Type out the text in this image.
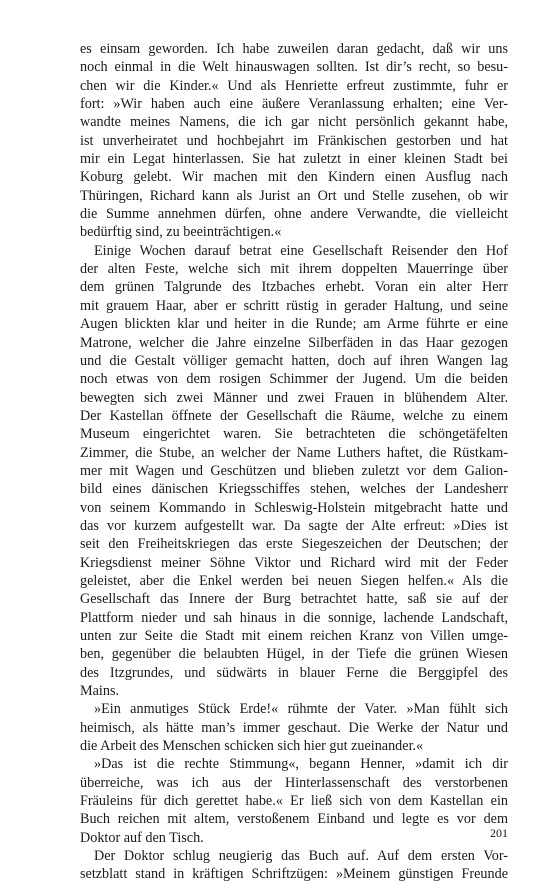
es einsam geworden. Ich habe zuweilen daran gedacht, daß wir uns
noch einmal in die Welt hinauswagen sollten. Ist dir’s recht, so besu-
chen wir die Kinder.« Und als Henriette erfreut zustimmte, fuhr er
fort: »Wir haben auch eine äußere Veranlassung erhalten; eine Ver-
wandte meines Namens, die ich gar nicht persönlich gekannt habe,
ist unverheiratet und hochbejahrt im Fränkischen gestorben und hat
mir ein Legat hinterlassen. Sie hat zuletzt in einer kleinen Stadt bei
Koburg gelebt. Wir machen mit den Kindern einen Ausflug nach
Thüringen, Richard kann als Jurist an Ort und Stelle zusehen, ob wir
die Summe annehmen dürfen, ohne andere Verwandte, die vielleicht
bedürftig sind, zu beeinträchtigen.«
Einige Wochen darauf betrat eine Gesellschaft Reisender den Hof
der alten Feste, welche sich mit ihrem doppelten Mauerringe über
dem grünen Talgrunde des Itzbaches erhebt. Voran ein alter Herr
mit grauem Haar, aber er schritt rüstig in gerader Haltung, und seine
Augen blickten klar und heiter in die Runde; am Arme führte er eine
Matrone, welcher die Jahre einzelne Silberfäden in das Haar gezogen
und die Gestalt völliger gemacht hatten, doch auf ihren Wangen lag
noch etwas von dem rosigen Schimmer der Jugend. Um die beiden
bewegten sich zwei Männer und zwei Frauen in blühendem Alter.
Der Kastellan öffnete der Gesellschaft die Räume, welche zu einem
Museum eingerichtet waren. Sie betrachteten die schöngetäfelten
Zimmer, die Stube, an welcher der Name Luthers haftet, die Rüstkam-
mer mit Wagen und Geschützen und blieben zuletzt vor dem Galion-
bild eines dänischen Kriegsschiffes stehen, welches der Landesherr
von seinem Kommando in Schleswig-Holstein mitgebracht hatte und
das vor kurzem aufgestellt war. Da sagte der Alte erfreut: »Dies ist
seit den Freiheitskriegen das erste Siegeszeichen der Deutschen; der
Kriegsdienst meiner Söhne Viktor und Richard wird mit der Feder
geleistet, aber die Enkel werden bei neuen Siegen helfen.« Als die
Gesellschaft das Innere der Burg betrachtet hatte, saß sie auf der
Plattform nieder und sah hinaus in die sonnige, lachende Landschaft,
unten zur Seite die Stadt mit einem reichen Kranz von Villen umge-
ben, gegenüber die belaubten Hügel, in der Tiefe die grünen Wiesen
des Itzgrundes, und südwärts in blauer Ferne die Berggipfel des
Mains.
»Ein anmutiges Stück Erde!« rühmte der Vater. »Man fühlt sich
heimisch, als hätte man’s immer geschaut. Die Werke der Natur und
die Arbeit des Menschen schicken sich hier gut zueinander.«
»Das ist die rechte Stimmung«, begann Henner, »damit ich dir
überreiche, was ich aus der Hinterlassenschaft des verstorbenen
Fräuleins für dich gerettet habe.« Er ließ sich von dem Kastellan ein
Buch reichen mit altem, verstoßenem Einband und legte es vor dem
Doktor auf den Tisch.
Der Doktor schlug neugierig das Buch auf. Auf dem ersten Vor-
setzblatt stand in kräftigen Schriftzügen: »Meinem günstigen Freunde
201
